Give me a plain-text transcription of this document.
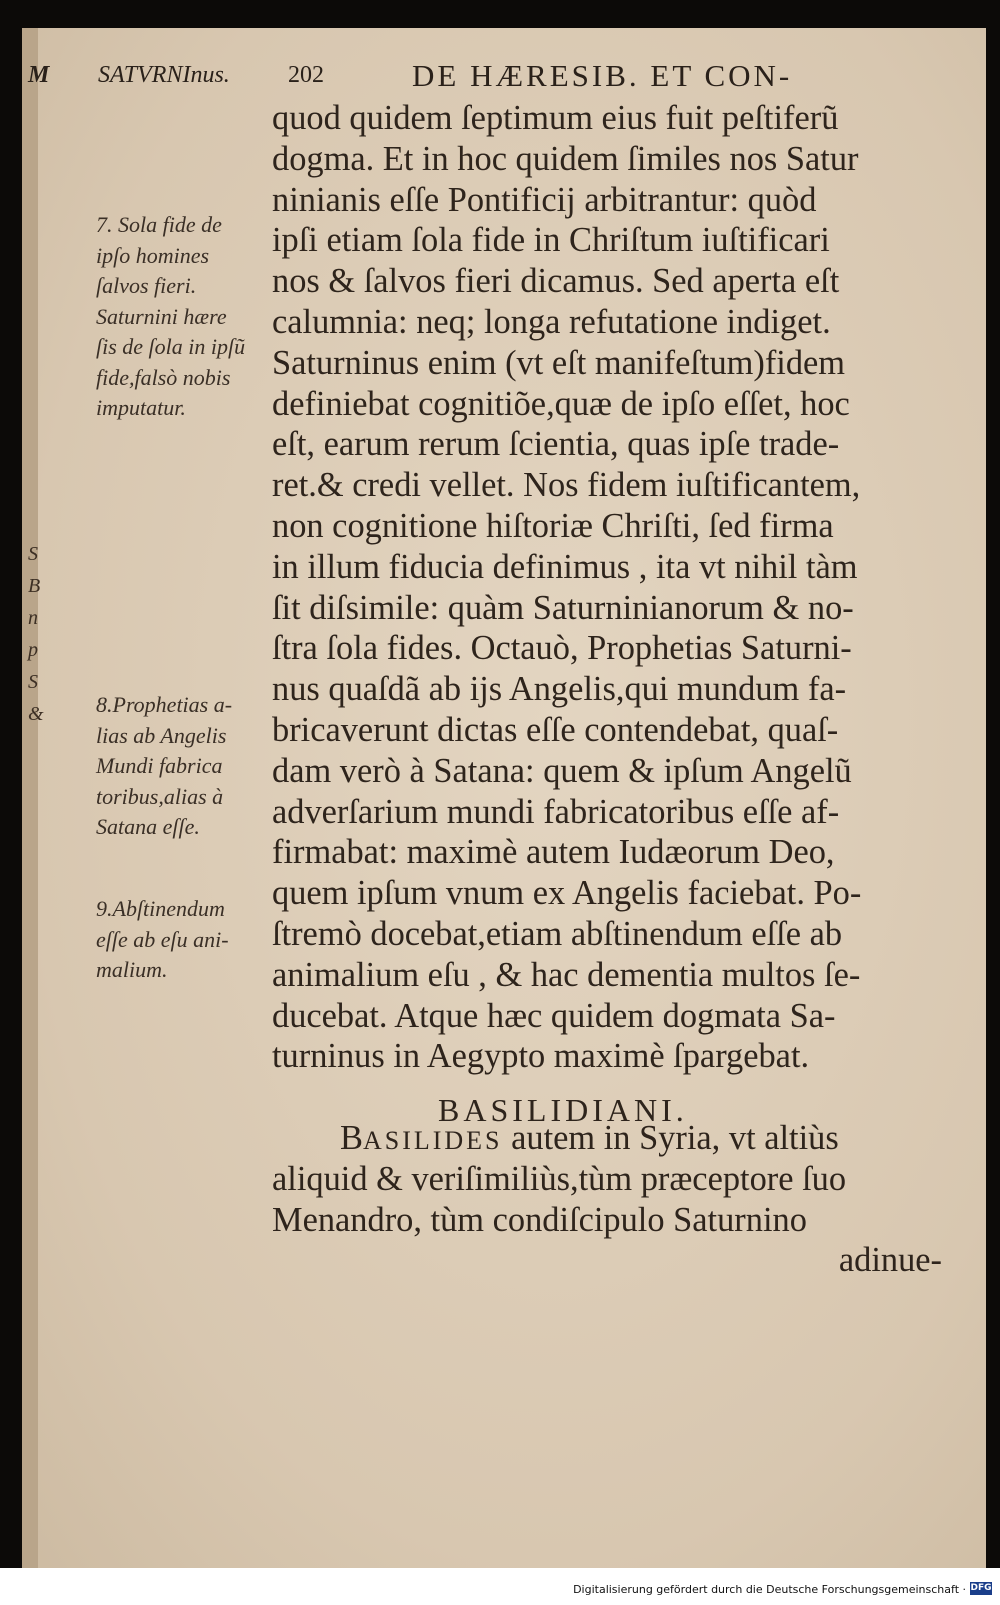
S
B
n
p
S
&
M SATVRNInus. 202	DE HÆRESIB. ET CON-
quod quidem ſeptimum eius fuit peſtiferũ
dogma. Et in hoc quidem ſimiles nos Satur
ninianis eſſe Pontificij arbitrantur: quòd
ipſi etiam ſola fide in Chriſtum iuſtificari
nos & ſalvos fieri dicamus. Sed aperta eſt
calumnia: neq; longa refutatione indiget.
Saturninus enim (vt eſt manifeſtum)fidem
definiebat cognitiõe,quæ de ipſo eſſet, hoc
eſt, earum rerum ſcientia, quas ipſe trade-
ret.& credi vellet. Nos fidem iuſtificantem,
non cognitione hiſtoriæ Chriſti, ſed firma
in illum fiducia definimus , ita vt nihil tàm
ſit diſsimile: quàm Saturninianorum & no-
ſtra ſola fides. Octauò, Prophetias Saturni-
nus quaſdã ab ijs Angelis,qui mundum fa-
bricaverunt dictas eſſe contendebat, quaſ-
dam verò à Satana: quem & ipſum Angelũ
adverſarium mundi fabricatoribus eſſe af-
firmabat: maximè autem Iudæorum Deo,
quem ipſum vnum ex Angelis faciebat. Po-
ſtremò docebat,etiam abſtinendum eſſe ab
animalium eſu , & hac dementia multos ſe-
ducebat. Atque hæc quidem dogmata Sa-
turninus in Aegypto maximè ſpargebat.
BASILIDIANI.
BASILIDES autem in Syria, vt altiùs
aliquid & veriſimiliùs,tùm præceptore ſuo
Menandro, tùm condiſcipulo Saturnino
adinue-
7. Sola fide de
ipſo homines
ſalvos fieri.
Saturnini hære
ſis de ſola in ipſũ
fide,falsò nobis
imputatur.
8.Prophetias a-
lias ab Angelis
Mundi fabrica
toribus,alias à
Satana eſſe.
9.Abſtinendum
eſſe ab eſu ani-
malium.
Digitalisierung gefördert durch die Deutsche Forschungsgemeinschaft · DFG
